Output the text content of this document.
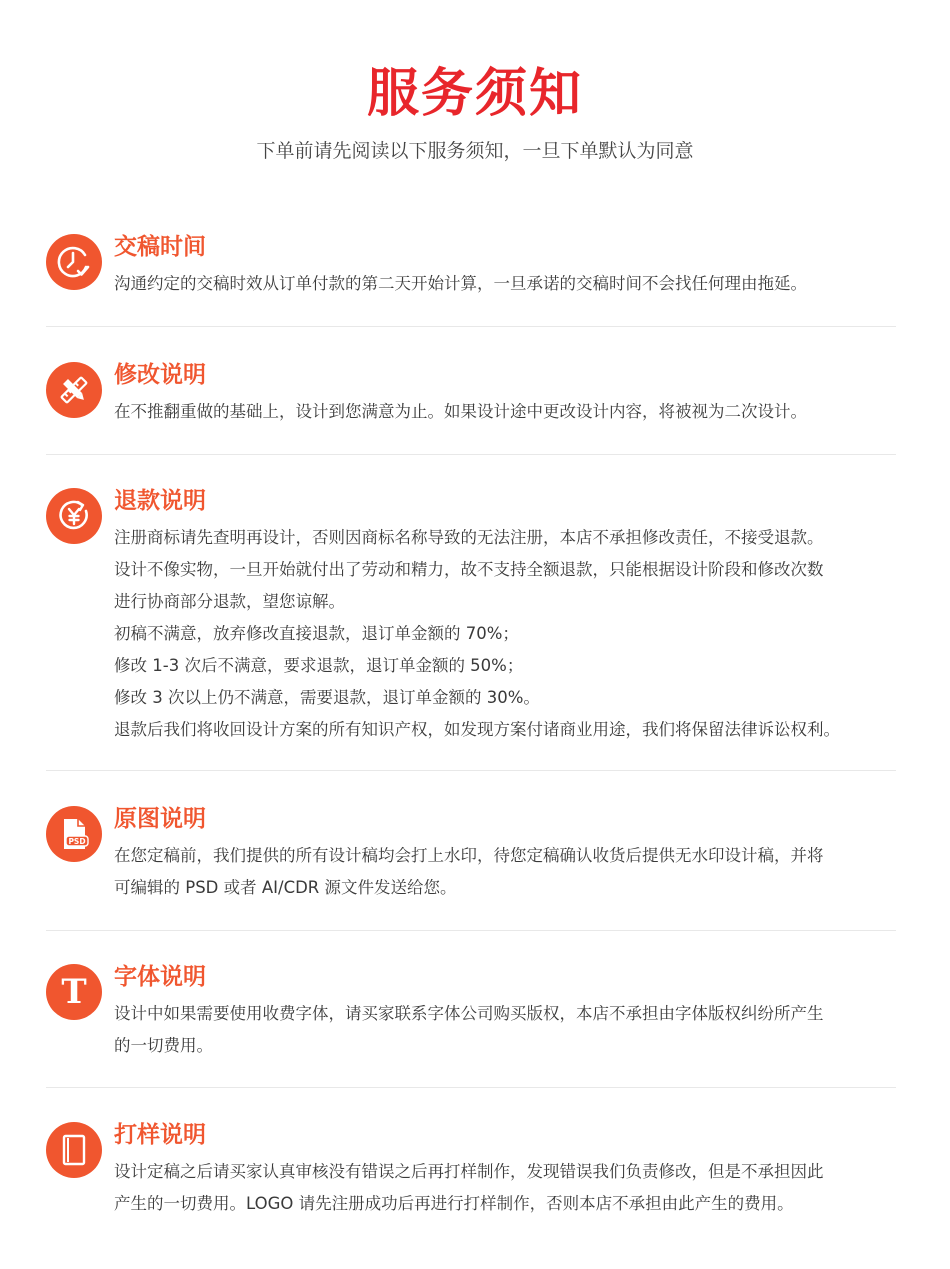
服务须知
下单前请先阅读以下服务须知，一旦下单默认为同意
交稿时间
沟通约定的交稿时效从订单付款的第二天开始计算，一旦承诺的交稿时间不会找任何理由拖延。
修改说明
在不推翻重做的基础上，设计到您满意为止。如果设计途中更改设计内容，将被视为二次设计。
退款说明
注册商标请先查明再设计，否则因商标名称导致的无法注册，本店不承担修改责任，不接受退款。
设计不像实物，一旦开始就付出了劳动和精力，故不支持全额退款，只能根据设计阶段和修改次数
进行协商部分退款，望您谅解。
初稿不满意，放弃修改直接退款，退订单金额的 70%；
修改 1-3 次后不满意，要求退款，退订单金额的 50%；
修改 3 次以上仍不满意，需要退款，退订单金额的 30%。
退款后我们将收回设计方案的所有知识产权，如发现方案付诸商业用途，我们将保留法律诉讼权利。
PSD
原图说明
在您定稿前，我们提供的所有设计稿均会打上水印，待您定稿确认收货后提供无水印设计稿，并将
可编辑的 PSD 或者 AI/CDR 源文件发送给您。
T 字体说明
设计中如果需要使用收费字体，请买家联系字体公司购买版权，本店不承担由字体版权纠纷所产生
的一切费用。
打样说明
设计定稿之后请买家认真审核没有错误之后再打样制作，发现错误我们负责修改，但是不承担因此
产生的一切费用。LOGO 请先注册成功后再进行打样制作，否则本店不承担由此产生的费用。
